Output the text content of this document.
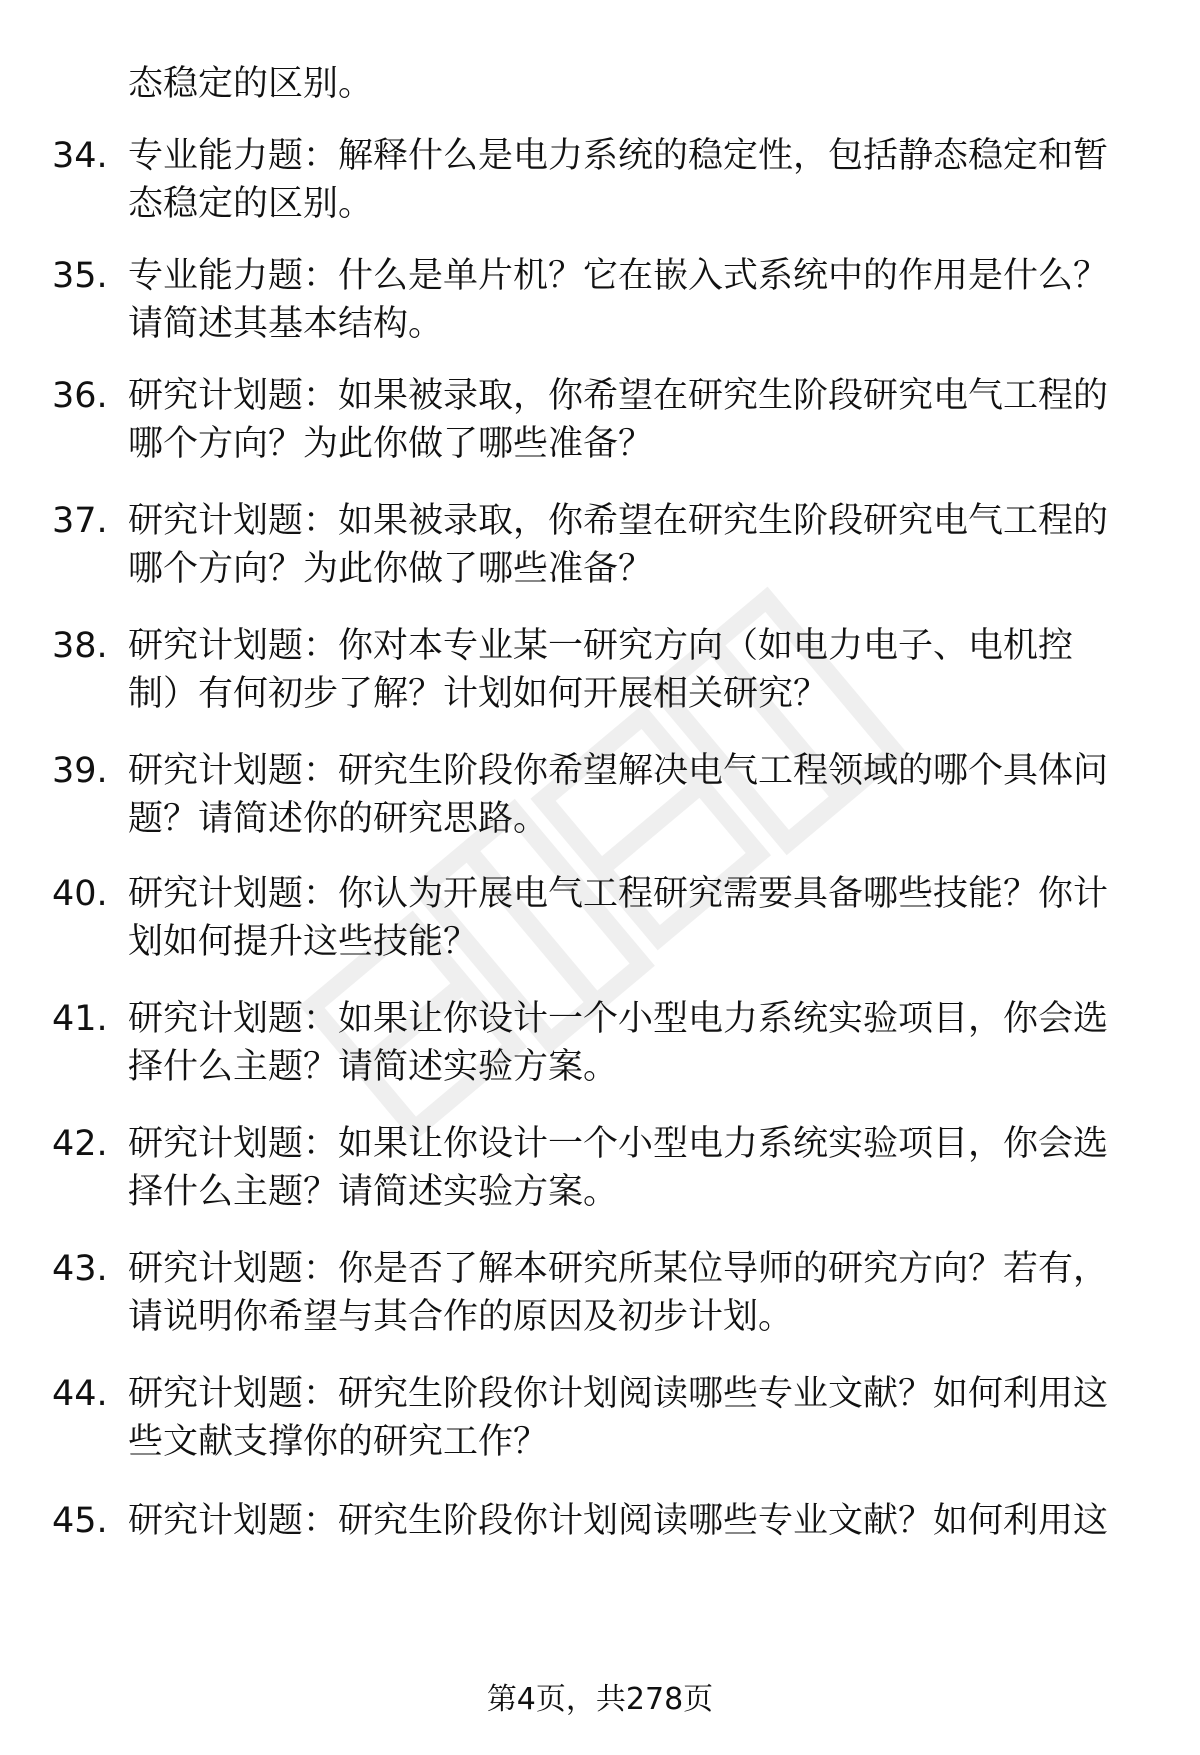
态稳定的区别。
34. 专业能力题：解释什么是电力系统的稳定性，包括静态稳定和暂
态稳定的区别。
35. 专业能力题：什么是单片机？它在嵌入式系统中的作用是什么？
请简述其基本结构。
36. 研究计划题：如果被录取，你希望在研究生阶段研究电气工程的
哪个方向？为此你做了哪些准备？
37. 研究计划题：如果被录取，你希望在研究生阶段研究电气工程的
哪个方向？为此你做了哪些准备？
38. 研究计划题：你对本专业某一研究方向（如电力电子、电机控
制）有何初步了解？计划如何开展相关研究？
39. 研究计划题：研究生阶段你希望解决电气工程领域的哪个具体问
题？请简述你的研究思路。
40. 研究计划题：你认为开展电气工程研究需要具备哪些技能？你计
划如何提升这些技能？
41. 研究计划题：如果让你设计一个小型电力系统实验项目，你会选
择什么主题？请简述实验方案。
42. 研究计划题：如果让你设计一个小型电力系统实验项目，你会选
择什么主题？请简述实验方案。
43. 研究计划题：你是否了解本研究所某位导师的研究方向？若有，
请说明你希望与其合作的原因及初步计划。
44. 研究计划题：研究生阶段你计划阅读哪些专业文献？如何利用这
些文献支撑你的研究工作？
45. 研究计划题：研究生阶段你计划阅读哪些专业文献？如何利用这
第4页，共278页
